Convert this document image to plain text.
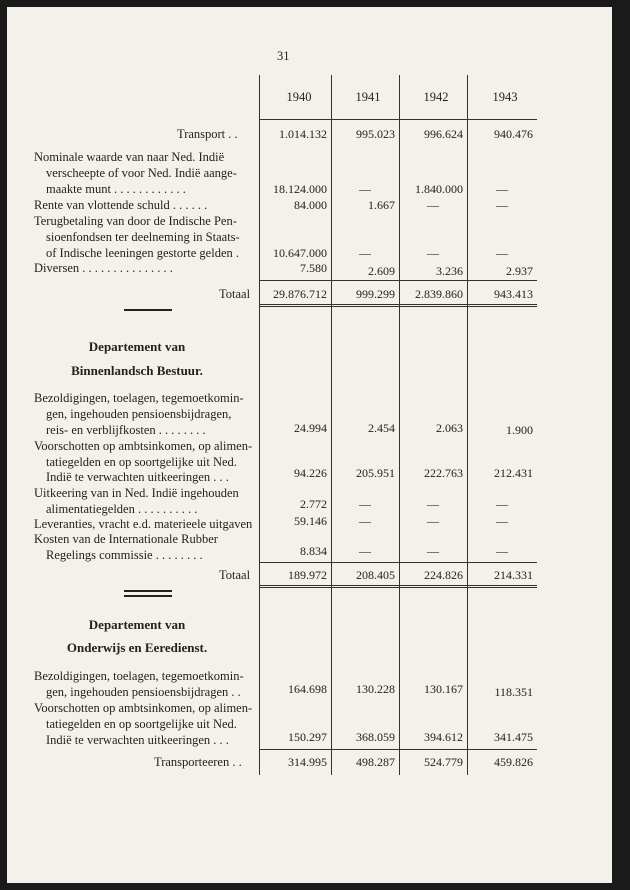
31
1940	1941	1942	1943
Transport . .	1.014.132	995.023	996.624	940.476
Nominale waarde van naar Ned. Indië
verscheepte of voor Ned. Indië aange-
maakte munt . . . . . . . . . . . .	18.124.000	—	1.840.000	—
Rente van vlottende schuld . . . . . .	84.000	1.667	—	—
Terugbetaling van door de Indische Pen-
sioenfondsen ter deelneming in Staats-
of Indische leeningen gestorte gelden .	10.647.000	—	—	—
Diversen . . . . . . . . . . . . . . .	7.580	2.609	3.236	2.937
Totaal	29.876.712	999.299	2.839.860	943.413
Departement van
Binnenlandsch Bestuur.
Bezoldigingen, toelagen, tegemoetkomin-
gen, ingehouden pensioensbijdragen,
reis- en verblijfkosten . . . . . . . .	24.994	2.454	2.063	1.900
Voorschotten op ambtsinkomen, op alimen-
tatiegelden en op soortgelijke uit Ned.
Indië te verwachten uitkeeringen . . .	94.226	205.951	222.763	212.431
Uitkeering van in Ned. Indië ingehouden
alimentatiegelden . . . . . . . . . .	2.772	—	—	—
Leveranties, vracht e.d. materieele uitgaven	59.146	—	—	—
Kosten van de Internationale Rubber
Regelings commissie . . . . . . . .	8.834	—	—	—
Totaal	189.972	208.405	224.826	214.331
Departement van
Onderwijs en Eeredienst.
Bezoldigingen, toelagen, tegemoetkomin-
gen, ingehouden pensioensbijdragen . .	164.698	130.228	130.167	118.351
Voorschotten op ambtsinkomen, op alimen-
tatiegelden en op soortgelijke uit Ned.
Indië te verwachten uitkeeringen . . .	150.297	368.059	394.612	341.475
Transporteeren . .	314.995	498.287	524.779	459.826
